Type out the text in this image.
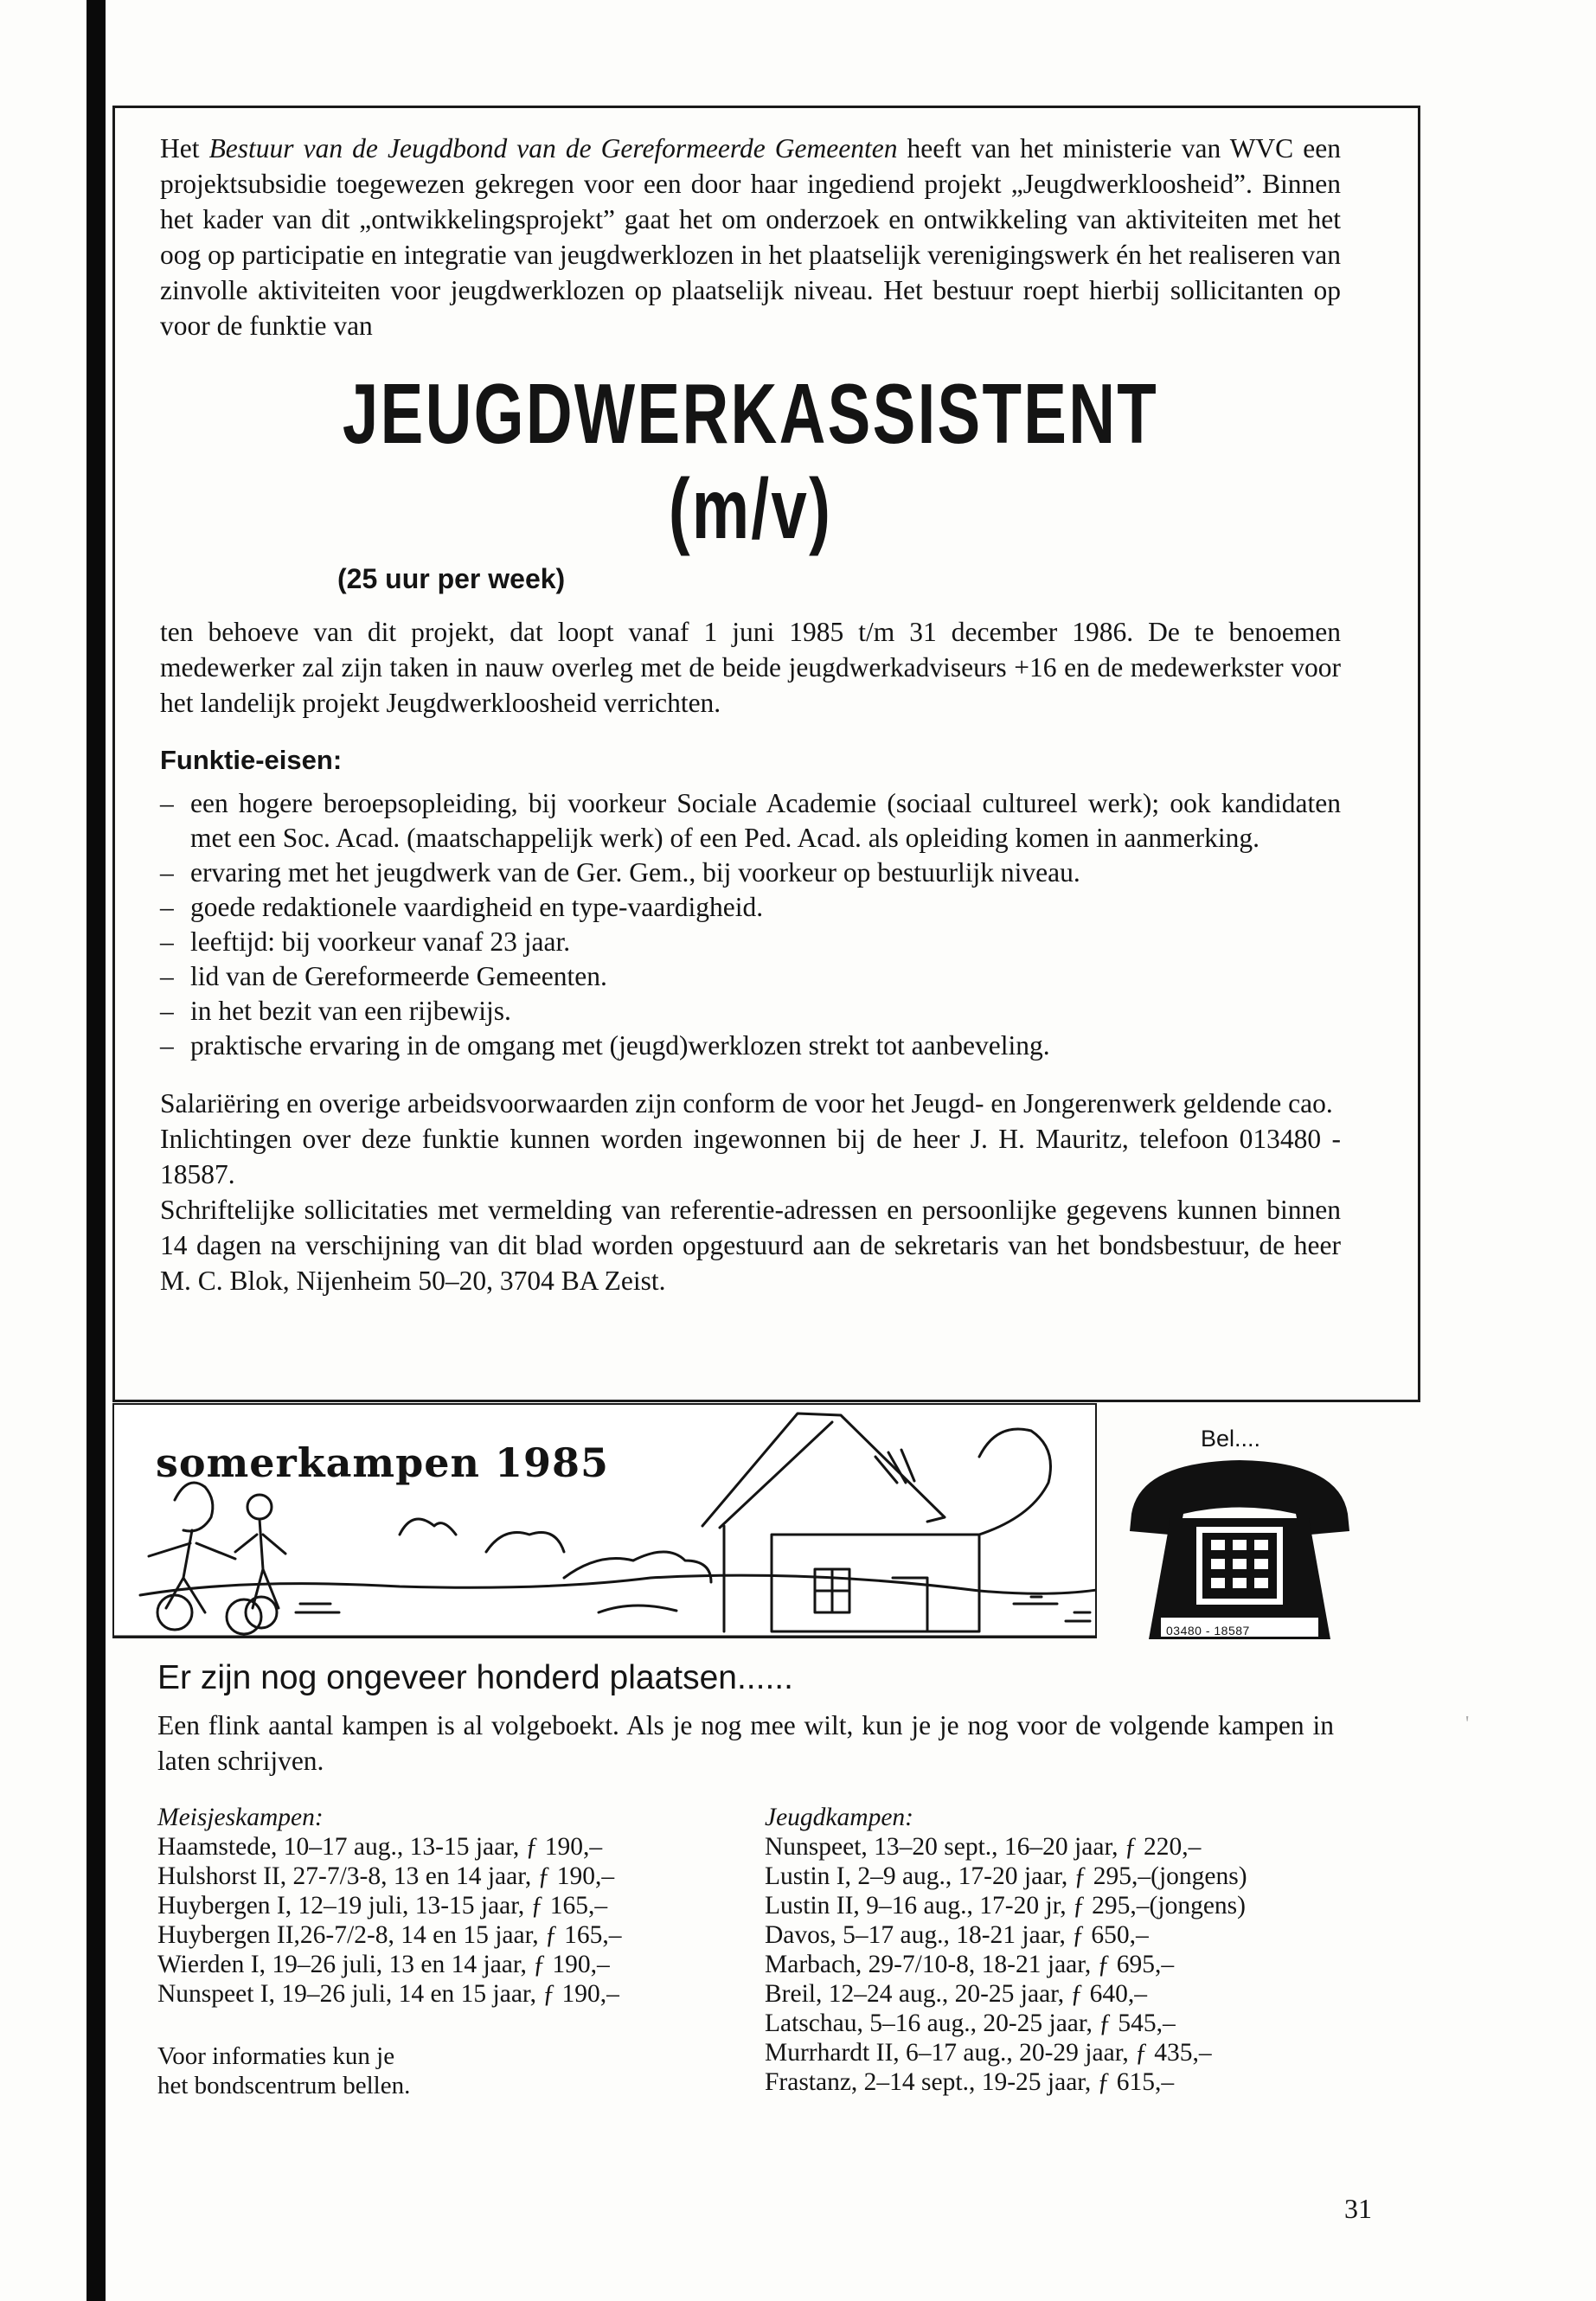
Het Bestuur van de Jeugdbond van de Gereformeerde Gemeenten heeft van het ministerie van WVC een projektsubsidie toegewezen gekregen voor een door haar ingediend projekt „Jeugdwerkloosheid”. Binnen het kader van dit „ontwikkelingsprojekt” gaat het om onderzoek en ontwikkeling van aktiviteiten met het oog op participatie en integratie van jeugdwerklozen in het plaatselijk verenigingswerk én het realiseren van zinvolle aktiviteiten voor jeugdwerklozen op plaatselijk niveau. Het bestuur roept hierbij sollicitanten op voor de funktie van

JEUGDWERKASSISTENT (m/v)
(25 uur per week)

ten behoeve van dit projekt, dat loopt vanaf 1 juni 1985 t/m 31 december 1986. De te benoemen medewerker zal zijn taken in nauw overleg met de beide jeugdwerkadviseurs +16 en de medewerkster voor het landelijk projekt Jeugdwerkloosheid verrichten.

Funktie-eisen:
– een hogere beroepsopleiding, bij voorkeur Sociale Academie (sociaal cultureel werk); ook kandidaten met een Soc. Acad. (maatschappelijk werk) of een Ped. Acad. als opleiding komen in aanmerking.
– ervaring met het jeugdwerk van de Ger. Gem., bij voorkeur op bestuurlijk niveau.
– goede redaktionele vaardigheid en type-vaardigheid.
– leeftijd: bij voorkeur vanaf 23 jaar.
– lid van de Gereformeerde Gemeenten.
– in het bezit van een rijbewijs.
– praktische ervaring in de omgang met (jeugd)werklozen strekt tot aanbeveling.

Salariëring en overige arbeidsvoorwaarden zijn conform de voor het Jeugd- en Jongerenwerk geldende cao.

Inlichtingen over deze funktie kunnen worden ingewonnen bij de heer J. H. Mauritz, telefoon 013480 - 18587.

Schriftelijke sollicitaties met vermelding van referentie-adressen en persoonlijke gegevens kunnen binnen 14 dagen na verschijning van dit blad worden opgestuurd aan de sekretaris van het bondsbestuur, de heer M. C. Blok, Nijenheim 50–20, 3704 BA Zeist.

somerkampen 1985
Bel....
03480 - 18587
Er zijn nog ongeveer honderd plaatsen......

Een flink aantal kampen is al volgeboekt. Als je nog mee wilt, kun je je nog voor de volgende kampen in laten schrijven.

Meisjeskampen:
Haamstede, 10–17 aug., 13-15 jaar, ƒ 190,–
Hulshorst II, 27-7/3-8, 13 en 14 jaar, ƒ 190,–
Huybergen I, 12–19 juli, 13-15 jaar, ƒ 165,–
Huybergen II,26-7/2-8, 14 en 15 jaar, ƒ 165,–
Wierden I, 19–26 juli, 13 en 14 jaar, ƒ 190,–
Nunspeet I, 19–26 juli, 14 en 15 jaar, ƒ 190,–
Voor informaties kun je
het bondscentrum bellen.
Jeugdkampen:
Nunspeet, 13–20 sept., 16–20 jaar, ƒ 220,–
Lustin I, 2–9 aug., 17-20 jaar, ƒ 295,–(jongens)
Lustin II, 9–16 aug., 17-20 jr, ƒ 295,–(jongens)
Davos, 5–17 aug., 18-21 jaar, ƒ 650,–
Marbach, 29-7/10-8, 18-21 jaar, ƒ 695,–
Breil, 12–24 aug., 20-25 jaar, ƒ 640,–
Latschau, 5–16 aug., 20-25 jaar, ƒ 545,–
Murrhardt II, 6–17 aug., 20-29 jaar, ƒ 435,–
Frastanz, 2–14 sept., 19-25 jaar, ƒ 615,–
'
31
